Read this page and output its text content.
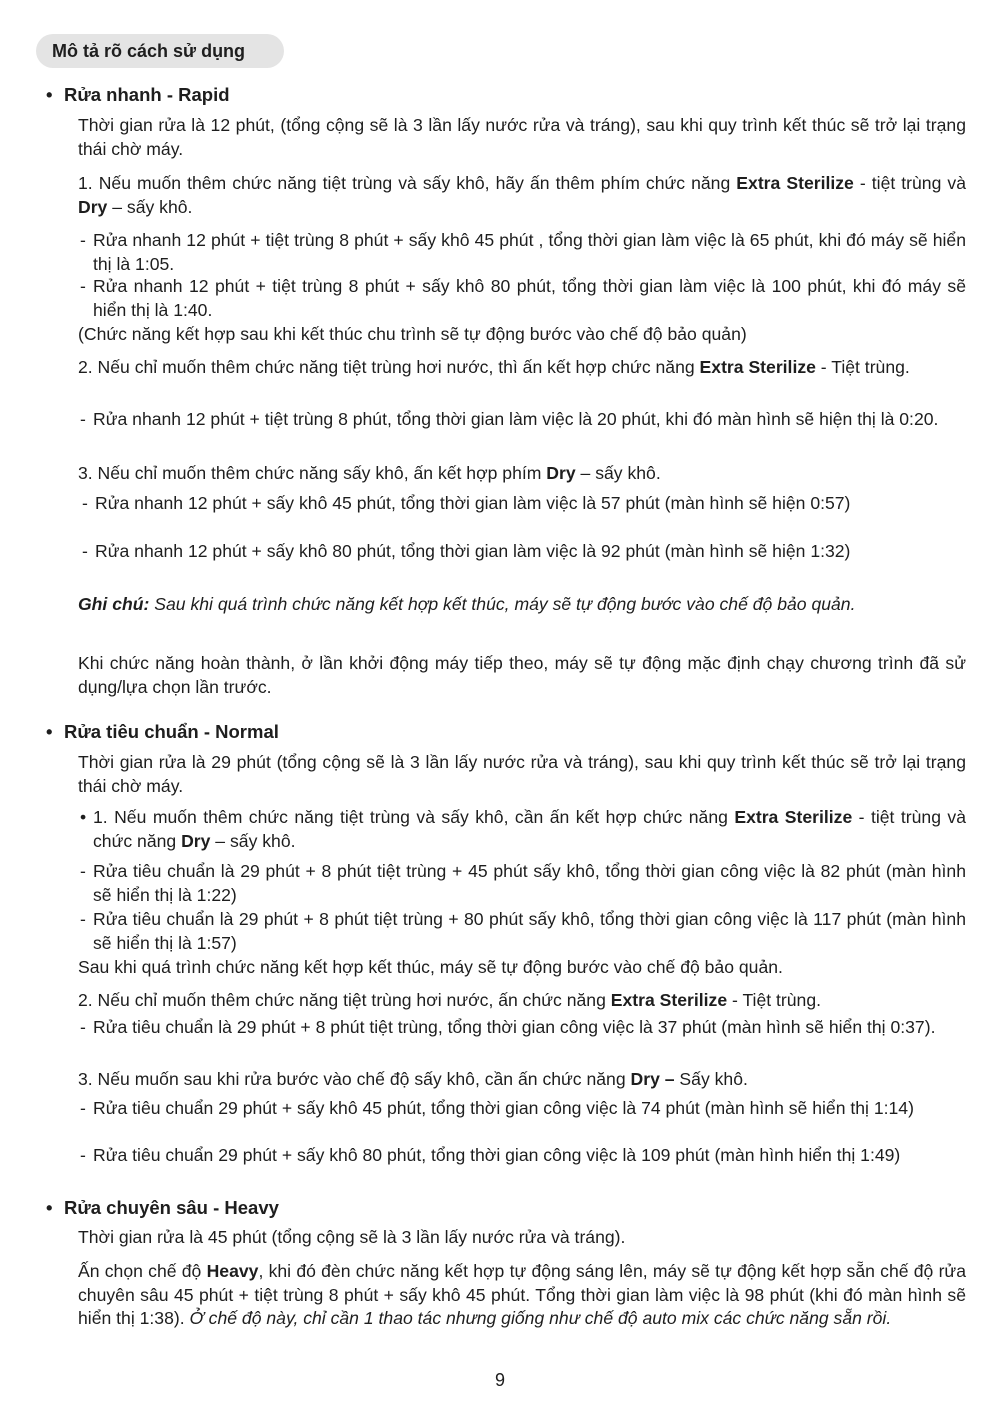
Mô tả rõ cách sử dụng
• Rửa nhanh - Rapid
Thời gian rửa là 12 phút, (tổng cộng sẽ là 3 lần lấy nước rửa và tráng), sau khi quy trình kết thúc sẽ trở lại trạng thái chờ máy.
1. Nếu muốn thêm chức năng tiệt trùng và sấy khô, hãy ấn thêm phím chức năng Extra Sterilize - tiệt trùng và Dry – sấy khô.
- Rửa nhanh 12 phút + tiệt trùng 8 phút + sấy khô 45 phút , tổng thời gian làm việc là 65 phút, khi đó máy sẽ hiển thị là 1:05.
- Rửa nhanh 12 phút + tiệt trùng 8 phút + sấy khô 80 phút, tổng thời gian làm việc là 100 phút, khi đó máy sẽ hiển thị là 1:40.
(Chức năng kết hợp sau khi kết thúc chu trình sẽ tự động bước vào chế độ bảo quản)
2. Nếu chỉ muốn thêm chức năng tiệt trùng hơi nước, thì ấn kết hợp chức năng Extra Sterilize - Tiệt trùng.
- Rửa nhanh 12 phút + tiệt trùng 8 phút, tổng thời gian làm việc là 20 phút, khi đó màn hình sẽ hiện thị là 0:20.
3. Nếu chỉ muốn thêm chức năng sấy khô, ấn kết hợp phím Dry – sấy khô.
- Rửa nhanh 12 phút + sấy khô 45 phút, tổng thời gian làm việc là 57 phút (màn hình sẽ hiện 0:57)
- Rửa nhanh 12 phút + sấy khô 80 phút, tổng thời gian làm việc là 92 phút (màn hình sẽ hiện 1:32)
Ghi chú: Sau khi quá trình chức năng kết hợp kết thúc, máy sẽ tự động bước vào chế độ bảo quản.
Khi chức năng hoàn thành, ở lần khởi động máy tiếp theo, máy sẽ tự động mặc định chạy chương trình đã sử dụng/lựa chọn lần trước.
• Rửa tiêu chuẩn - Normal
Thời gian rửa là 29 phút (tổng cộng sẽ là 3 lần lấy nước rửa và tráng), sau khi quy trình kết thúc sẽ trở lại trạng thái chờ máy.
• 1. Nếu muốn thêm chức năng tiệt trùng và sấy khô, cần ấn kết hợp chức năng Extra Sterilize - tiệt trùng và chức năng Dry – sấy khô.
- Rửa tiêu chuẩn là 29 phút + 8 phút tiệt trùng + 45 phút sấy khô, tổng thời gian công việc là 82 phút (màn hình sẽ hiển thị là 1:22)
- Rửa tiêu chuẩn là 29 phút + 8 phút tiệt trùng + 80 phút sấy khô, tổng thời gian công việc là 117 phút (màn hình sẽ hiển thị là 1:57)
Sau khi quá trình chức năng kết hợp kết thúc, máy sẽ tự động bước vào chế độ bảo quản.
2. Nếu chỉ muốn thêm chức năng tiệt trùng hơi nước, ấn chức năng Extra Sterilize - Tiệt trùng.
- Rửa tiêu chuẩn là 29 phút + 8 phút tiệt trùng, tổng thời gian công việc là 37 phút (màn hình sẽ hiển thị 0:37).
3. Nếu muốn sau khi rửa bước vào chế độ sấy khô, cần ấn chức năng Dry – Sấy khô.
- Rửa tiêu chuẩn 29 phút + sấy khô 45 phút, tổng thời gian công việc là 74 phút (màn hình sẽ hiển thị 1:14)
- Rửa tiêu chuẩn 29 phút + sấy khô 80 phút, tổng thời gian công việc là 109 phút (màn hình hiển thị 1:49)
• Rửa chuyên sâu - Heavy
Thời gian rửa là 45 phút (tổng cộng sẽ là 3 lần lấy nước rửa và tráng).
Ấn chọn chế độ Heavy, khi đó đèn chức năng kết hợp tự động sáng lên, máy sẽ tự động kết hợp sẵn chế độ rửa chuyên sâu 45 phút + tiệt trùng 8 phút + sấy khô 45 phút. Tổng thời gian làm việc là 98 phút (khi đó màn hình sẽ hiển thị 1:38). Ở chế độ này, chỉ cần 1 thao tác nhưng giống như chế độ auto mix các chức năng sẵn rồi.
9
